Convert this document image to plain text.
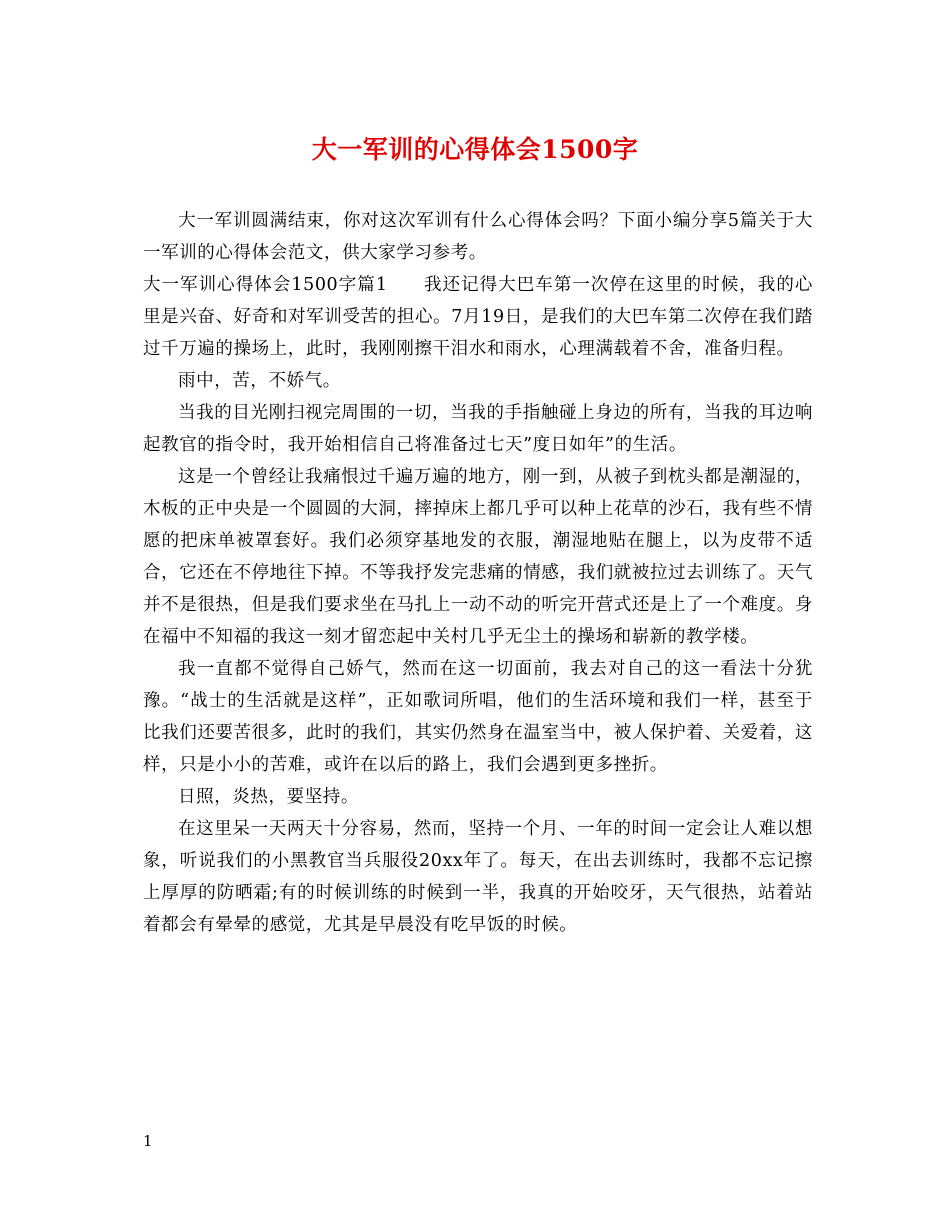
大一军训的心得体会1500字

大一军训圆满结束，你对这次军训有什么心得体会吗？下面小编分享5篇关于大一军训的心得体会范文，供大家学习参考。

大一军训心得体会1500字篇1 我还记得大巴车第一次停在这里的时候，我的心里是兴奋、好奇和对军训受苦的担心。7月19日，是我们的大巴车第二次停在我们踏过千万遍的操场上，此时，我刚刚擦干泪水和雨水，心理满载着不舍，准备归程。

雨中，苦，不娇气。

当我的目光刚扫视完周围的一切，当我的手指触碰上身边的所有，当我的耳边响起教官的指令时，我开始相信自己将准备过七天”度日如年”的生活。

这是一个曾经让我痛恨过千遍万遍的地方，刚一到，从被子到枕头都是潮湿的，木板的正中央是一个圆圆的大洞，摔掉床上都几乎可以种上花草的沙石，我有些不情愿的把床单被罩套好。我们必须穿基地发的衣服，潮湿地贴在腿上，以为皮带不适合，它还在不停地往下掉。不等我抒发完悲痛的情感，我们就被拉过去训练了。天气并不是很热，但是我们要求坐在马扎上一动不动的听完开营式还是上了一个难度。身在福中不知福的我这一刻才留恋起中关村几乎无尘土的操场和崭新的教学楼。

我一直都不觉得自己娇气，然而在这一切面前，我去对自己的这一看法十分犹豫。“战士的生活就是这样”，正如歌词所唱，他们的生活环境和我们一样，甚至于比我们还要苦很多，此时的我们，其实仍然身在温室当中，被人保护着、关爱着，这样，只是小小的苦难，或许在以后的路上，我们会遇到更多挫折。

日照，炎热，要坚持。

在这里呆一天两天十分容易，然而，坚持一个月、一年的时间一定会让人难以想象，听说我们的小黑教官当兵服役20xx年了。每天，在出去训练时，我都不忘记擦上厚厚的防晒霜;有的时候训练的时候到一半，我真的开始咬牙，天气很热，站着站着都会有晕晕的感觉，尤其是早晨没有吃早饭的时候。

1
